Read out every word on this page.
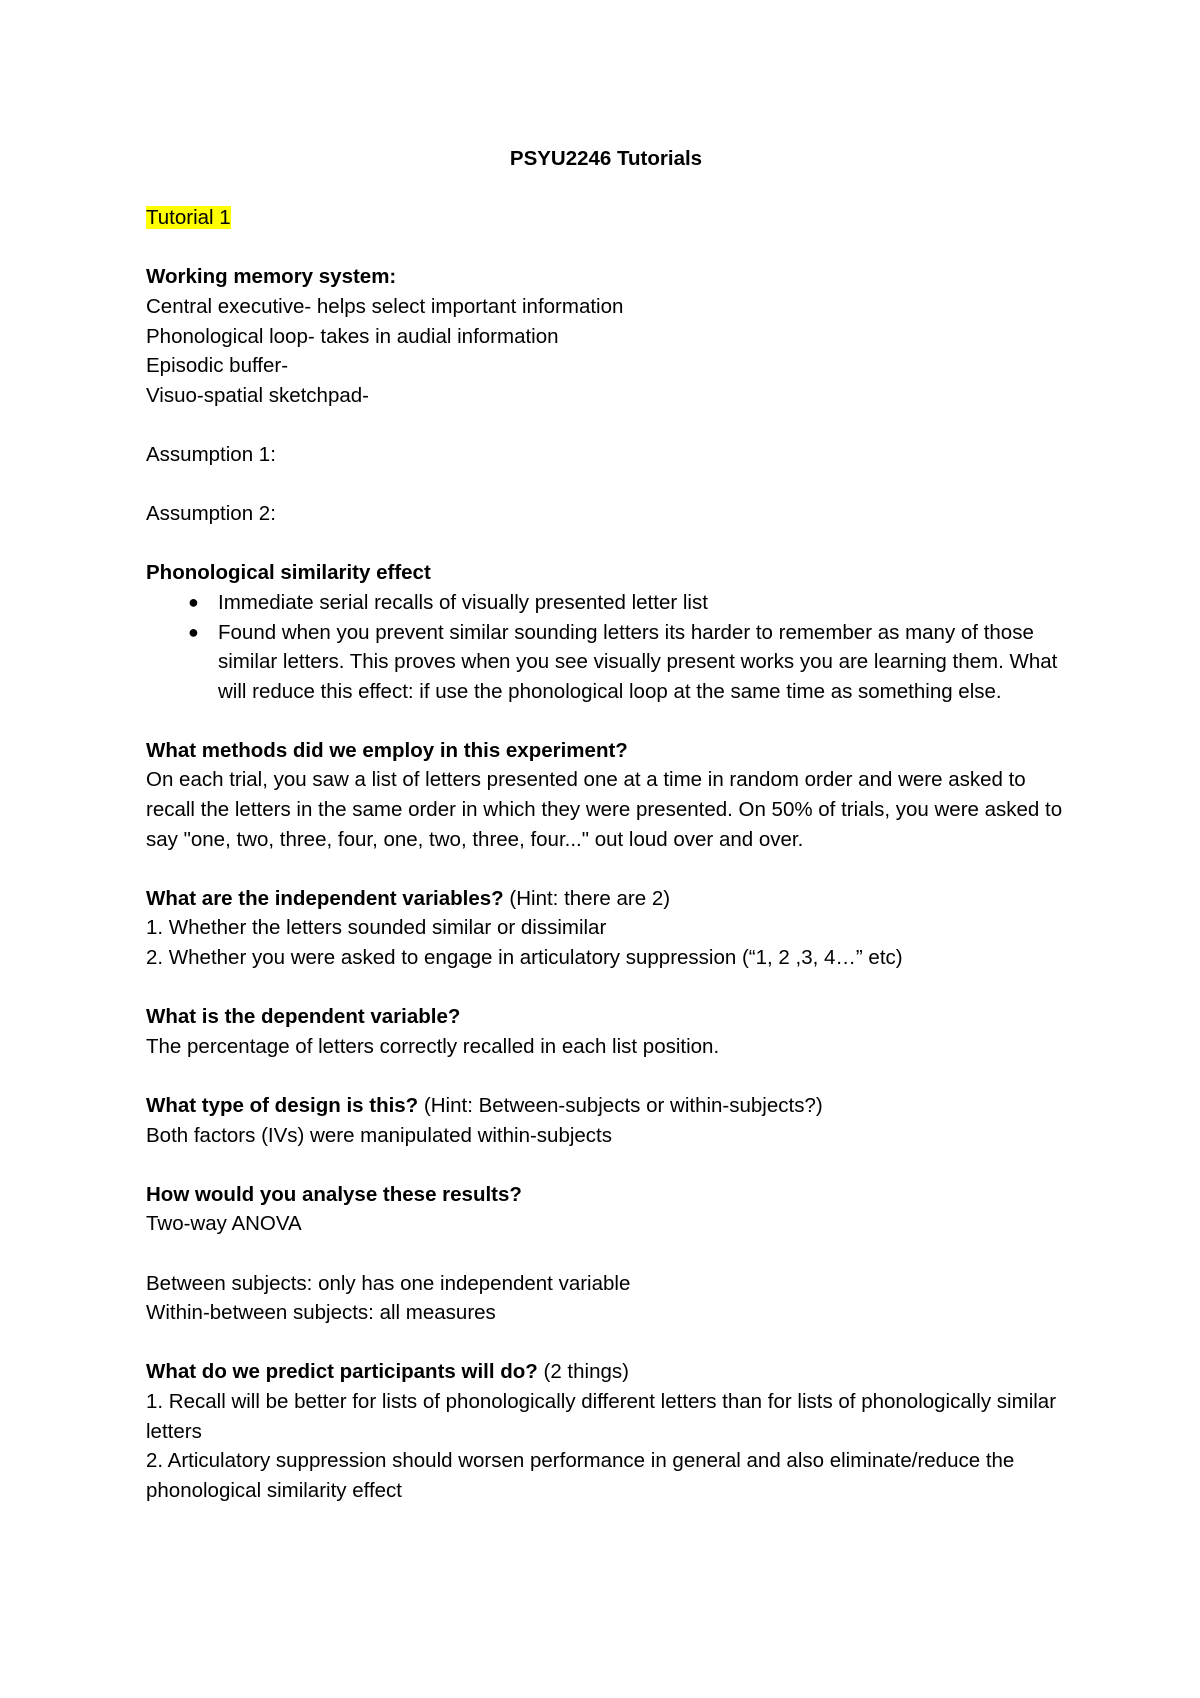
PSYU2246 Tutorials

Tutorial 1

Working memory system:

Central executive- helps select important information

Phonological loop- takes in audial information

Episodic buffer-

Visuo-spatial sketchpad-

Assumption 1:

Assumption 2:

Phonological similarity effect

● Immediate serial recalls of visually presented letter list
● Found when you prevent similar sounding letters its harder to remember as many of those similar letters. This proves when you see visually present works you are learning them. What will reduce this effect: if use the phonological loop at the same time as something else.

What methods did we employ in this experiment?

On each trial, you saw a list of letters presented one at a time in random order and were asked to recall the letters in the same order in which they were presented. On 50% of trials, you were asked to say "one, two, three, four, one, two, three, four..." out loud over and over.

What are the independent variables? (Hint: there are 2)

1. Whether the letters sounded similar or dissimilar

2. Whether you were asked to engage in articulatory suppression (“1, 2 ,3, 4…” etc)

What is the dependent variable?

The percentage of letters correctly recalled in each list position.

What type of design is this? (Hint: Between-subjects or within-subjects?)

Both factors (IVs) were manipulated within-subjects

How would you analyse these results?

Two-way ANOVA

Between subjects: only has one independent variable

Within-between subjects: all measures

What do we predict participants will do? (2 things)

1. Recall will be better for lists of phonologically different letters than for lists of phonologically similar letters

2. Articulatory suppression should worsen performance in general and also eliminate/reduce the phonological similarity effect
